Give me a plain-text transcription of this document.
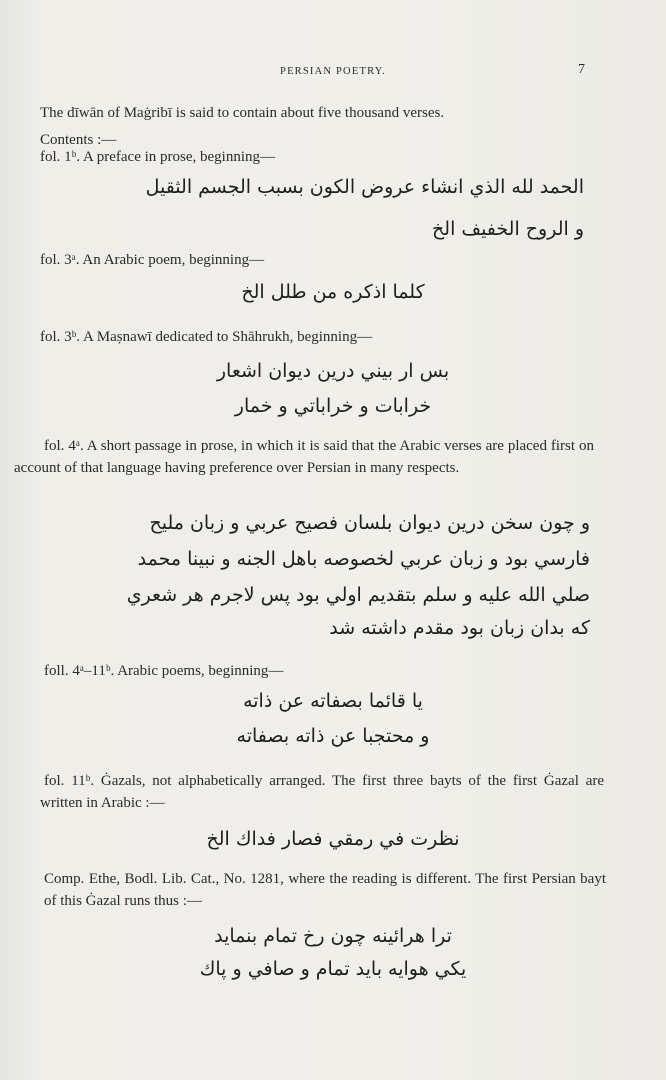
PERSIAN POETRY.	7
The dīwān of Maġribī is said to contain about five thousand verses.
Contents :—
fol. 1ᵇ. A preface in prose, beginning—
الحمد لله الذي انشاء عروض الكون بسبب الجسم الثقيل
و الروح الخفيف الخ
fol. 3ᵃ. An Arabic poem, beginning—
كلما اذكره من طلل الخ
fol. 3ᵇ. A Maṣnawī dedicated to Shāhrukh, beginning—
بس ار بيني درين ديوان اشعار
خرابات و خراباتي و خمار
fol. 4ᵃ. A short passage in prose, in which it is said that the Arabic verses are placed first on account of that language having preference over Persian in many respects.
و چون سخن درين ديوان بلسان فصيح عربي و زبان مليح
فارسي بود و زبان عربي لخصوصه باهل الجنه و نبينا محمد
صلي الله عليه و سلم بتقديم اولي بود پس لاجرم هر شعري
كه بدان زبان بود مقدم داشته شد
foll. 4ᵃ–11ᵇ. Arabic poems, beginning—
يا قائما بصفاته عن ذاته
و محتجبا عن ذاته بصفاته
fol. 11ᵇ. Ġazals, not alphabetically arranged. The first three bayts of the first Ġazal are written in Arabic :—
نظرت في رمقي فصار فداك الخ
Comp. Ethe, Bodl. Lib. Cat., No. 1281, where the reading is different. The first Persian bayt of this Ġazal runs thus :—
ترا هرائينه چون رخ تمام بنمايد
يكي هوايه بايد تمام و صافي و پاك
